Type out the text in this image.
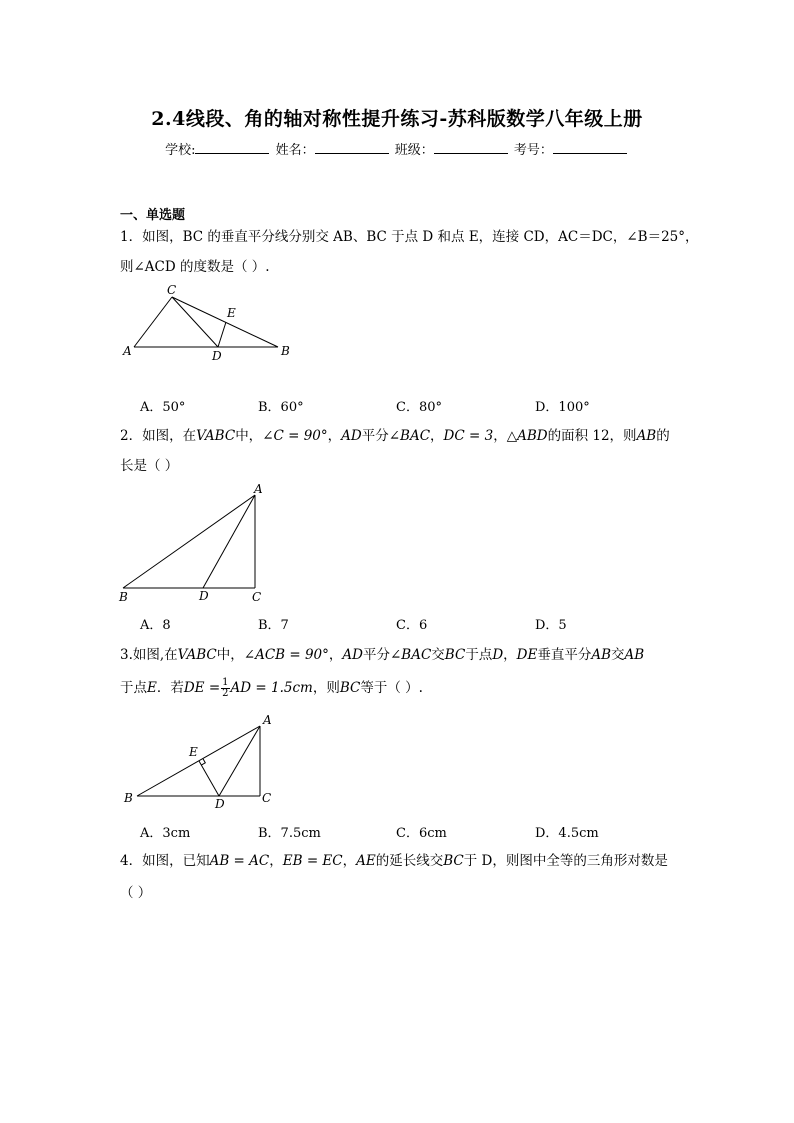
2.4线段、角的轴对称性提升练习-苏科版数学八年级上册
学校:	姓名：	班级：	考号：
一、单选题
1．如图，BC 的垂直平分线分别交 AB、BC 于点 D 和点 E，连接 CD，AC＝DC，∠B＝25°，
则∠ACD 的度数是（ ）.
A
C
E
D	B
A．50°	B．60°	C．80°	D．100°
2．如图，在VABC中，∠C = 90°，AD平分∠BAC，DC = 3，△ABD的面积 12，则AB的
长是（ ）
A
B	D	C
A．8	B．7	C．6	D．5
3.如图,在VABC中，∠ACB = 90°，AD平分∠BAC交BC于点D，DE垂直平分AB交AB
于点E．若DE = $\frac{1}{2}$ AD = 1.5cm，则BC等于（ ）.
A
E
B	D	C
A．3cm	B．7.5cm	C．6cm	D．4.5cm
4．如图，已知AB = AC，EB = EC，AE的延长线交BC于 D，则图中全等的三角形对数是
（ ）
